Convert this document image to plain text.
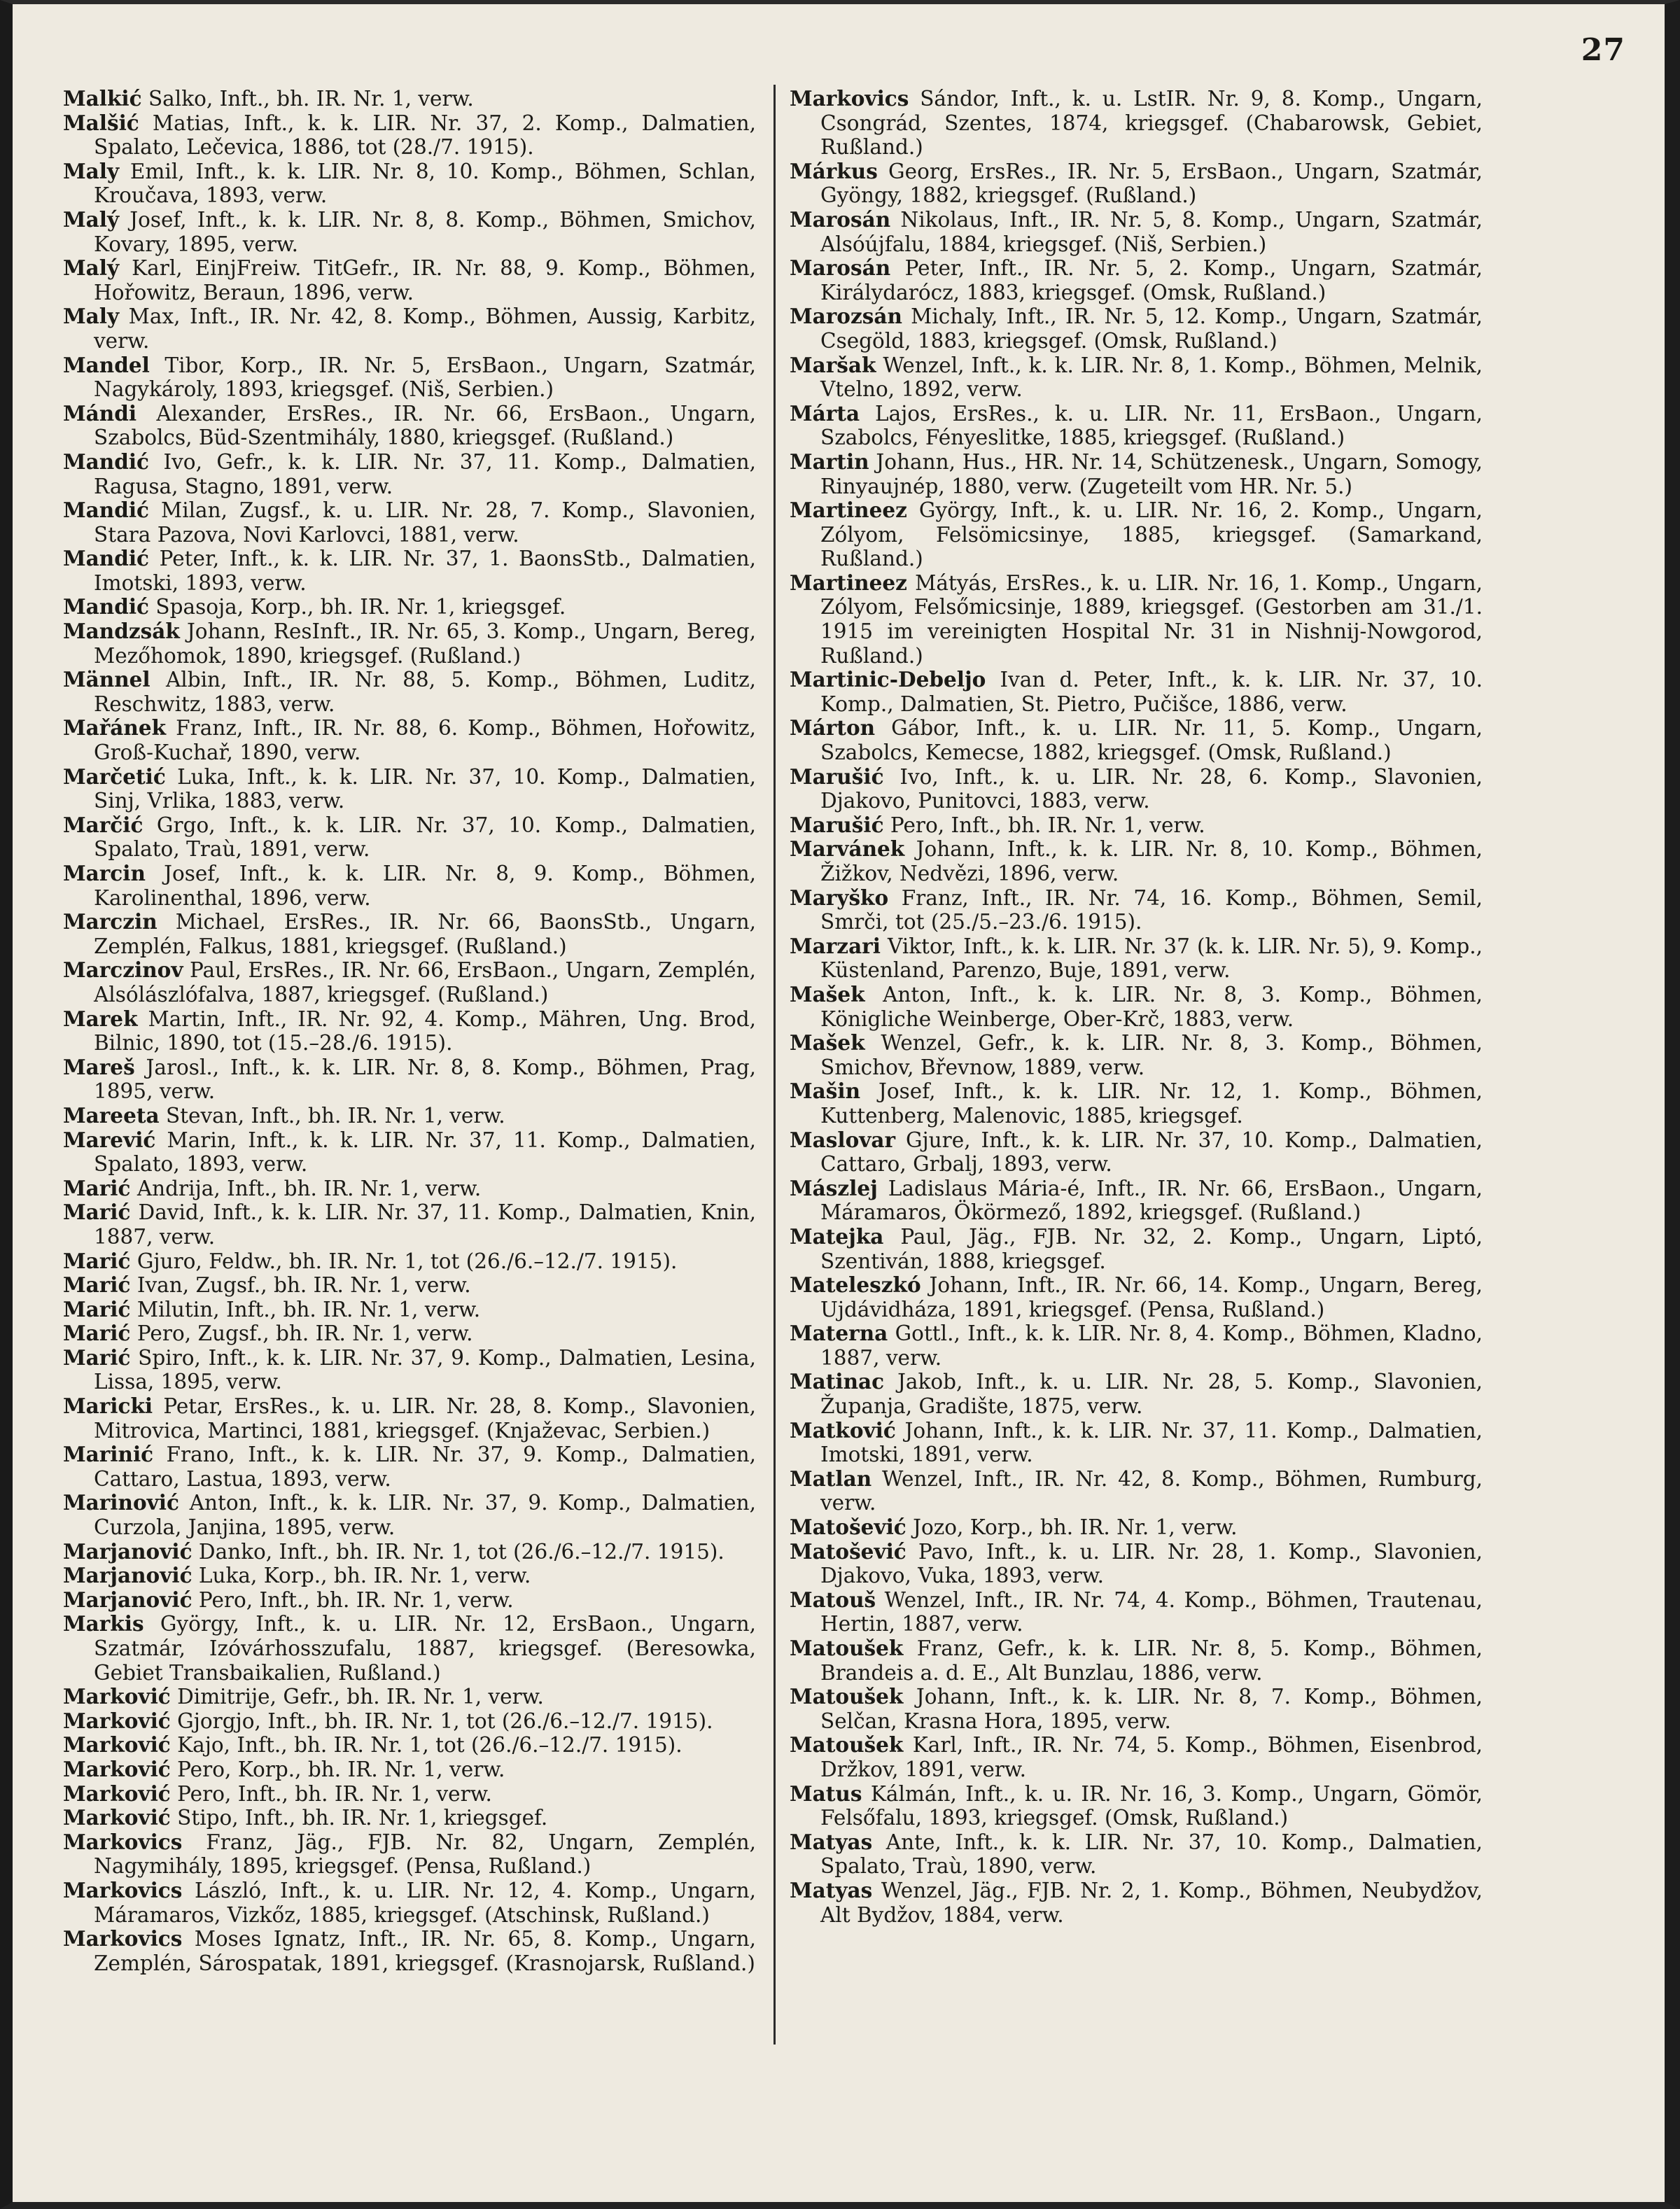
27

Malkić Salko, Inft., bh. IR. Nr. 1, verw.

Malšić Matias, Inft., k. k. LIR. Nr. 37, 2. Komp., Dalmatien, Spalato, Lečevica, 1886, tot (28./7. 1915).

Maly Emil, Inft., k. k. LIR. Nr. 8, 10. Komp., Böhmen, Schlan, Kroučava, 1893, verw.

Malý Josef, Inft., k. k. LIR. Nr. 8, 8. Komp., Böhmen, Smichov, Kovary, 1895, verw.

Malý Karl, EinjFreiw. TitGefr., IR. Nr. 88, 9. Komp., Böhmen, Hořowitz, Beraun, 1896, verw.

Maly Max, Inft., IR. Nr. 42, 8. Komp., Böhmen, Aussig, Karbitz, verw.

Mandel Tibor, Korp., IR. Nr. 5, ErsBaon., Ungarn, Szatmár, Nagykároly, 1893, kriegsgef. (Niš, Serbien.)

Mándi Alexander, ErsRes., IR. Nr. 66, ErsBaon., Ungarn, Szabolcs, Büd-Szentmihály, 1880, kriegsgef. (Rußland.)

Mandić Ivo, Gefr., k. k. LIR. Nr. 37, 11. Komp., Dalmatien, Ragusa, Stagno, 1891, verw.

Mandić Milan, Zugsf., k. u. LIR. Nr. 28, 7. Komp., Slavonien, Stara Pazova, Novi Karlovci, 1881, verw.

Mandić Peter, Inft., k. k. LIR. Nr. 37, 1. BaonsStb., Dalmatien, Imotski, 1893, verw.

Mandić Spasoja, Korp., bh. IR. Nr. 1, kriegsgef.

Mandzsák Johann, ResInft., IR. Nr. 65, 3. Komp., Ungarn, Bereg, Mezőhomok, 1890, kriegsgef. (Rußland.)

Männel Albin, Inft., IR. Nr. 88, 5. Komp., Böhmen, Luditz, Reschwitz, 1883, verw.

Mařánek Franz, Inft., IR. Nr. 88, 6. Komp., Böhmen, Hořowitz, Groß-Kuchař, 1890, verw.

Marčetić Luka, Inft., k. k. LIR. Nr. 37, 10. Komp., Dalmatien, Sinj, Vrlika, 1883, verw.

Marčić Grgo, Inft., k. k. LIR. Nr. 37, 10. Komp., Dalmatien, Spalato, Traù, 1891, verw.

Marcin Josef, Inft., k. k. LIR. Nr. 8, 9. Komp., Böhmen, Karolinenthal, 1896, verw.

Marczin Michael, ErsRes., IR. Nr. 66, BaonsStb., Ungarn, Zemplén, Falkus, 1881, kriegsgef. (Rußland.)

Marczinov Paul, ErsRes., IR. Nr. 66, ErsBaon., Ungarn, Zemplén, Alsólászlófalva, 1887, kriegsgef. (Rußland.)

Marek Martin, Inft., IR. Nr. 92, 4. Komp., Mähren, Ung. Brod, Bilnic, 1890, tot (15.–28./6. 1915).

Mareš Jarosl., Inft., k. k. LIR. Nr. 8, 8. Komp., Böhmen, Prag, 1895, verw.

Mareeta Stevan, Inft., bh. IR. Nr. 1, verw.

Marević Marin, Inft., k. k. LIR. Nr. 37, 11. Komp., Dalmatien, Spalato, 1893, verw.

Marić Andrija, Inft., bh. IR. Nr. 1, verw.

Marić David, Inft., k. k. LIR. Nr. 37, 11. Komp., Dalmatien, Knin, 1887, verw.

Marić Gjuro, Feldw., bh. IR. Nr. 1, tot (26./6.–12./7. 1915).

Marić Ivan, Zugsf., bh. IR. Nr. 1, verw.

Marić Milutin, Inft., bh. IR. Nr. 1, verw.

Marić Pero, Zugsf., bh. IR. Nr. 1, verw.

Marić Spiro, Inft., k. k. LIR. Nr. 37, 9. Komp., Dalmatien, Lesina, Lissa, 1895, verw.

Maricki Petar, ErsRes., k. u. LIR. Nr. 28, 8. Komp., Slavonien, Mitrovica, Martinci, 1881, kriegsgef. (Knjaževac, Serbien.)

Marinić Frano, Inft., k. k. LIR. Nr. 37, 9. Komp., Dalmatien, Cattaro, Lastua, 1893, verw.

Marinović Anton, Inft., k. k. LIR. Nr. 37, 9. Komp., Dalmatien, Curzola, Janjina, 1895, verw.

Marjanović Danko, Inft., bh. IR. Nr. 1, tot (26./6.–12./7. 1915).

Marjanović Luka, Korp., bh. IR. Nr. 1, verw.

Marjanović Pero, Inft., bh. IR. Nr. 1, verw.

Markis György, Inft., k. u. LIR. Nr. 12, ErsBaon., Ungarn, Szatmár, Izóvárhosszufalu, 1887, kriegsgef. (Beresowka, Gebiet Transbaikalien, Rußland.)

Marković Dimitrije, Gefr., bh. IR. Nr. 1, verw.

Marković Gjorgjo, Inft., bh. IR. Nr. 1, tot (26./6.–12./7. 1915).

Marković Kajo, Inft., bh. IR. Nr. 1, tot (26./6.–12./7. 1915).

Marković Pero, Korp., bh. IR. Nr. 1, verw.

Marković Pero, Inft., bh. IR. Nr. 1, verw.

Marković Stipo, Inft., bh. IR. Nr. 1, kriegsgef.

Markovics Franz, Jäg., FJB. Nr. 82, Ungarn, Zemplén, Nagymihály, 1895, kriegsgef. (Pensa, Rußland.)

Markovics László, Inft., k. u. LIR. Nr. 12, 4. Komp., Ungarn, Máramaros, Vizkőz, 1885, kriegsgef. (Atschinsk, Rußland.)

Markovics Moses Ignatz, Inft., IR. Nr. 65, 8. Komp., Ungarn, Zemplén, Sárospatak, 1891, kriegsgef. (Krasnojarsk, Rußland.)

Markovics Sándor, Inft., k. u. LstIR. Nr. 9, 8. Komp., Ungarn, Csongrád, Szentes, 1874, kriegsgef. (Chabarowsk, Gebiet, Rußland.)

Márkus Georg, ErsRes., IR. Nr. 5, ErsBaon., Ungarn, Szatmár, Gyöngy, 1882, kriegsgef. (Rußland.)

Marosán Nikolaus, Inft., IR. Nr. 5, 8. Komp., Ungarn, Szatmár, Alsóújfalu, 1884, kriegsgef. (Niš, Serbien.)

Marosán Peter, Inft., IR. Nr. 5, 2. Komp., Ungarn, Szatmár, Királydarócz, 1883, kriegsgef. (Omsk, Rußland.)

Marozsán Michaly, Inft., IR. Nr. 5, 12. Komp., Ungarn, Szatmár, Csegöld, 1883, kriegsgef. (Omsk, Rußland.)

Maršak Wenzel, Inft., k. k. LIR. Nr. 8, 1. Komp., Böhmen, Melnik, Vtelno, 1892, verw.

Márta Lajos, ErsRes., k. u. LIR. Nr. 11, ErsBaon., Ungarn, Szabolcs, Fényeslitke, 1885, kriegsgef. (Rußland.)

Martin Johann, Hus., HR. Nr. 14, Schützenesk., Ungarn, Somogy, Rinyaujnép, 1880, verw. (Zugeteilt vom HR. Nr. 5.)

Martineez György, Inft., k. u. LIR. Nr. 16, 2. Komp., Ungarn, Zólyom, Felsömicsinye, 1885, kriegsgef. (Samarkand, Rußland.)

Martineez Mátyás, ErsRes., k. u. LIR. Nr. 16, 1. Komp., Ungarn, Zólyom, Felsőmicsinje, 1889, kriegsgef. (Gestorben am 31./1. 1915 im vereinigten Hospital Nr. 31 in Nishnij-Nowgorod, Rußland.)

Martinic-Debeljo Ivan d. Peter, Inft., k. k. LIR. Nr. 37, 10. Komp., Dalmatien, St. Pietro, Pučišce, 1886, verw.

Márton Gábor, Inft., k. u. LIR. Nr. 11, 5. Komp., Ungarn, Szabolcs, Kemecse, 1882, kriegsgef. (Omsk, Rußland.)

Marušić Ivo, Inft., k. u. LIR. Nr. 28, 6. Komp., Slavonien, Djakovo, Punitovci, 1883, verw.

Marušić Pero, Inft., bh. IR. Nr. 1, verw.

Marvánek Johann, Inft., k. k. LIR. Nr. 8, 10. Komp., Böhmen, Žižkov, Nedvězi, 1896, verw.

Maryško Franz, Inft., IR. Nr. 74, 16. Komp., Böhmen, Semil, Smrči, tot (25./5.–23./6. 1915).

Marzari Viktor, Inft., k. k. LIR. Nr. 37 (k. k. LIR. Nr. 5), 9. Komp., Küstenland, Parenzo, Buje, 1891, verw.

Mašek Anton, Inft., k. k. LIR. Nr. 8, 3. Komp., Böhmen, Königliche Weinberge, Ober-Krč, 1883, verw.

Mašek Wenzel, Gefr., k. k. LIR. Nr. 8, 3. Komp., Böhmen, Smichov, Břevnow, 1889, verw.

Mašin Josef, Inft., k. k. LIR. Nr. 12, 1. Komp., Böhmen, Kuttenberg, Malenovic, 1885, kriegsgef.

Maslovar Gjure, Inft., k. k. LIR. Nr. 37, 10. Komp., Dalmatien, Cattaro, Grbalj, 1893, verw.

Mászlej Ladislaus Mária-é, Inft., IR. Nr. 66, ErsBaon., Ungarn, Máramaros, Ökörmező, 1892, kriegsgef. (Rußland.)

Matejka Paul, Jäg., FJB. Nr. 32, 2. Komp., Ungarn, Liptó, Szentiván, 1888, kriegsgef.

Mateleszkó Johann, Inft., IR. Nr. 66, 14. Komp., Ungarn, Bereg, Ujdávidháza, 1891, kriegsgef. (Pensa, Rußland.)

Materna Gottl., Inft., k. k. LIR. Nr. 8, 4. Komp., Böhmen, Kladno, 1887, verw.

Matinac Jakob, Inft., k. u. LIR. Nr. 28, 5. Komp., Slavonien, Županja, Gradište, 1875, verw.

Matković Johann, Inft., k. k. LIR. Nr. 37, 11. Komp., Dalmatien, Imotski, 1891, verw.

Matlan Wenzel, Inft., IR. Nr. 42, 8. Komp., Böhmen, Rumburg, verw.

Matošević Jozo, Korp., bh. IR. Nr. 1, verw.

Matošević Pavo, Inft., k. u. LIR. Nr. 28, 1. Komp., Slavonien, Djakovo, Vuka, 1893, verw.

Matouš Wenzel, Inft., IR. Nr. 74, 4. Komp., Böhmen, Trautenau, Hertin, 1887, verw.

Matoušek Franz, Gefr., k. k. LIR. Nr. 8, 5. Komp., Böhmen, Brandeis a. d. E., Alt Bunzlau, 1886, verw.

Matoušek Johann, Inft., k. k. LIR. Nr. 8, 7. Komp., Böhmen, Selčan, Krasna Hora, 1895, verw.

Matoušek Karl, Inft., IR. Nr. 74, 5. Komp., Böhmen, Eisenbrod, Držkov, 1891, verw.

Matus Kálmán, Inft., k. u. IR. Nr. 16, 3. Komp., Ungarn, Gömör, Felsőfalu, 1893, kriegsgef. (Omsk, Rußland.)

Matyas Ante, Inft., k. k. LIR. Nr. 37, 10. Komp., Dalmatien, Spalato, Traù, 1890, verw.

Matyas Wenzel, Jäg., FJB. Nr. 2, 1. Komp., Böhmen, Neubydžov, Alt Bydžov, 1884, verw.
